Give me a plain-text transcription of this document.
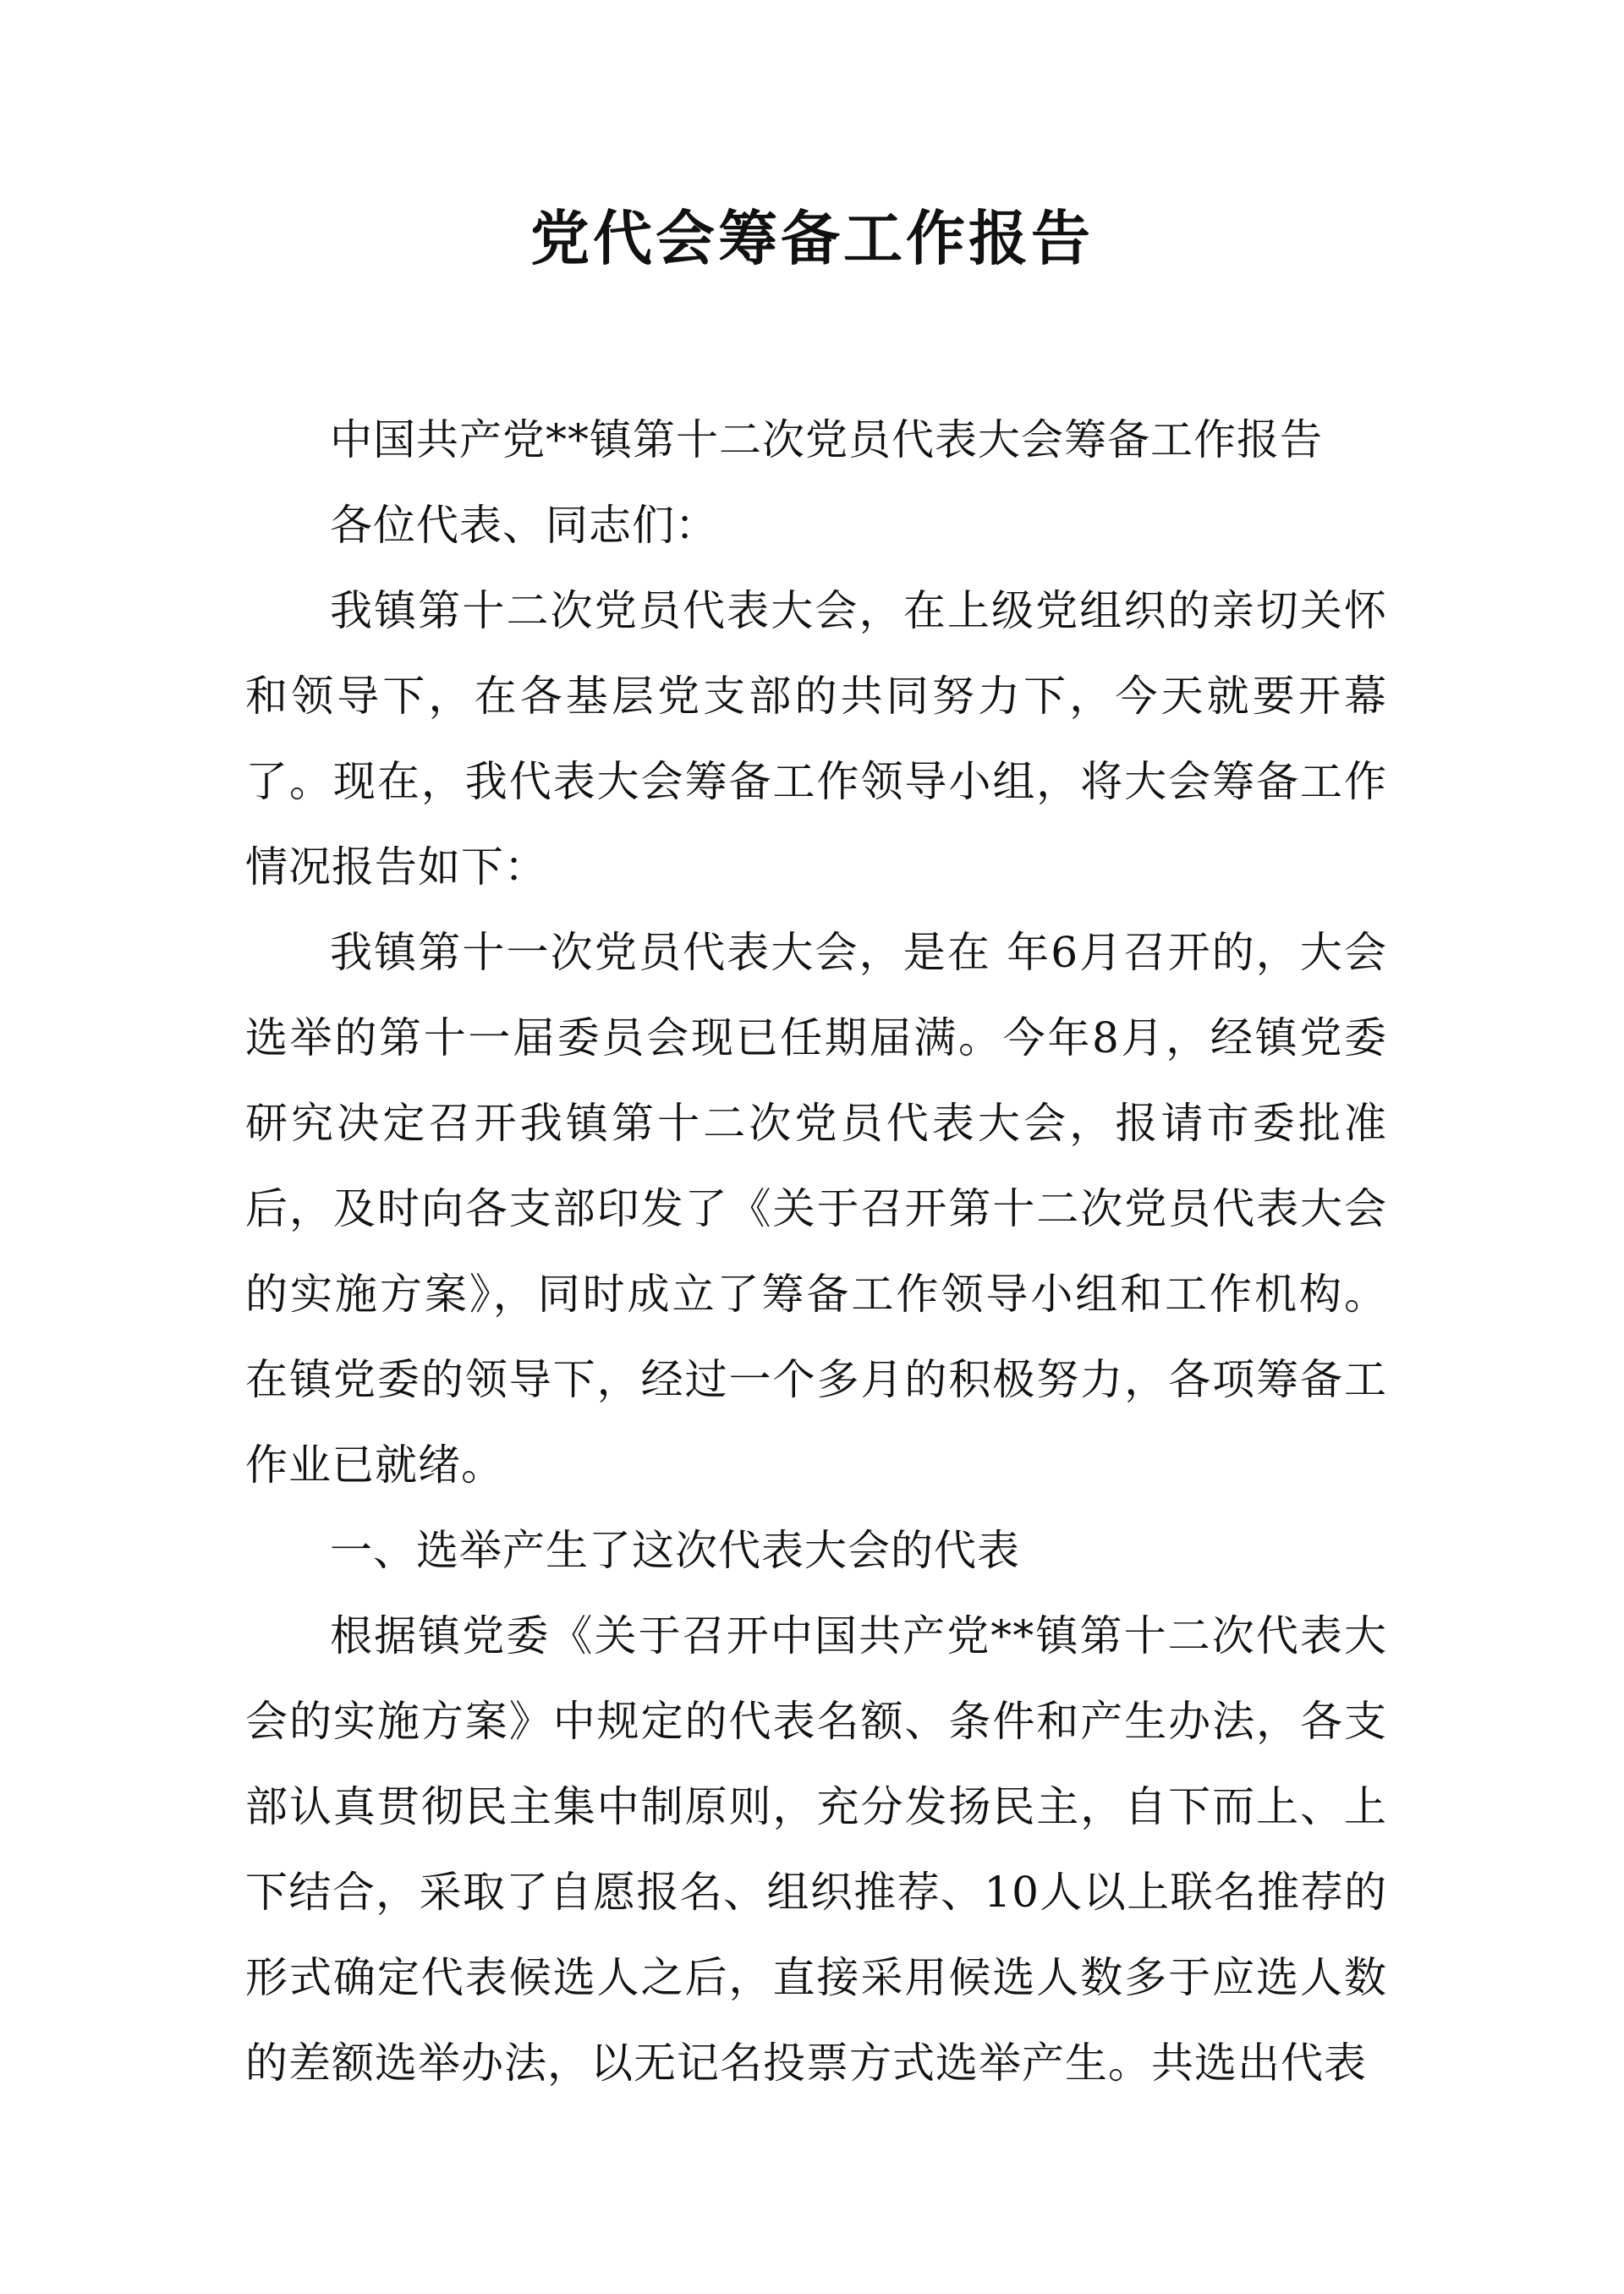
党代会筹备工作报告

中国共产党**镇第十二次党员代表大会筹备工作报告

各位代表、同志们：

我镇第十二次党员代表大会，在上级党组织的亲切关怀和领导下，在各基层党支部的共同努力下，今天就要开幕了。现在，我代表大会筹备工作领导小组，将大会筹备工作情况报告如下：

我镇第十一次党员代表大会，是在 年6月召开的，大会选举的第十一届委员会现已任期届满。今年8月，经镇党委研究决定召开我镇第十二次党员代表大会，报请市委批准后，及时向各支部印发了《关于召开第十二次党员代表大会的实施方案》，同时成立了筹备工作领导小组和工作机构。在镇党委的领导下，经过一个多月的积极努力，各项筹备工作业已就绪。

一、选举产生了这次代表大会的代表

根据镇党委《关于召开中国共产党**镇第十二次代表大会的实施方案》中规定的代表名额、条件和产生办法，各支部认真贯彻民主集中制原则，充分发扬民主，自下而上、上下结合，采取了自愿报名、组织推荐、10人以上联名推荐的形式确定代表候选人之后，直接采用候选人数多于应选人数的差额选举办法，以无记名投票方式选举产生。共选出代表
